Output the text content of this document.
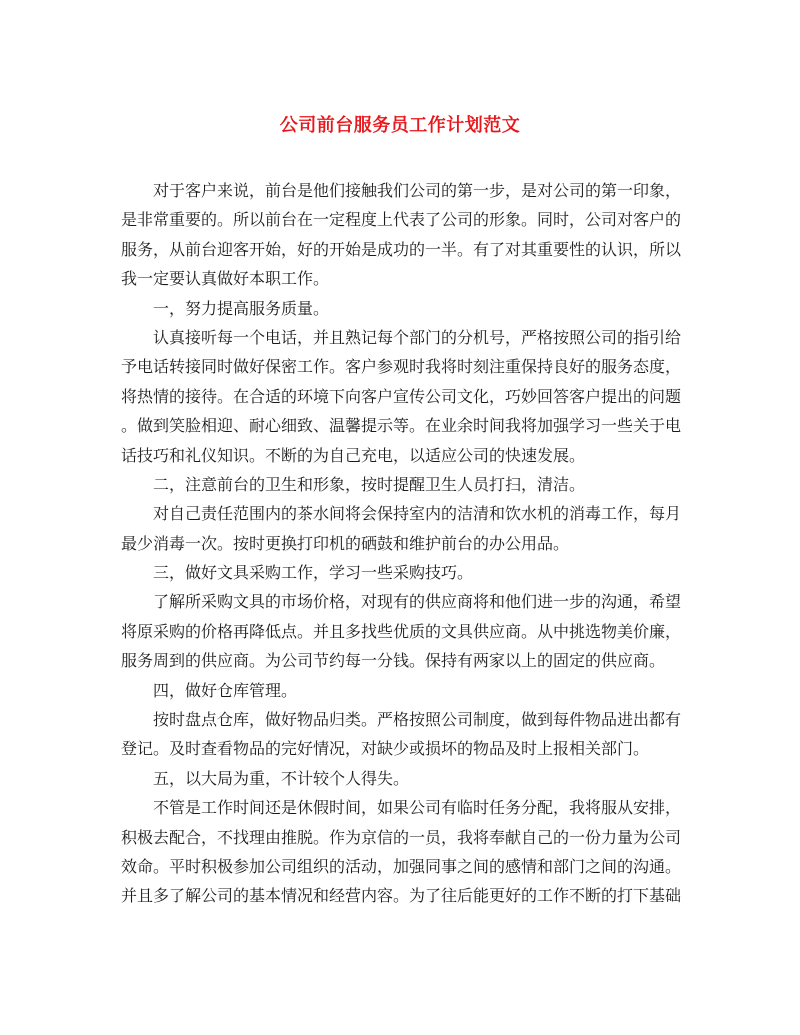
公司前台服务员工作计划范文
对于客户来说，前台是他们接触我们公司的第一步，是对公司的第一印象，
是非常重要的。所以前台在一定程度上代表了公司的形象。同时，公司对客户的
服务，从前台迎客开始，好的开始是成功的一半。有了对其重要性的认识，所以
我一定要认真做好本职工作。
一，努力提高服务质量。
认真接听每一个电话，并且熟记每个部门的分机号，严格按照公司的指引给
予电话转接同时做好保密工作。客户参观时我将时刻注重保持良好的服务态度，
将热情的接待。在合适的环境下向客户宣传公司文化，巧妙回答客户提出的问题
。做到笑脸相迎、耐心细致、温馨提示等。在业余时间我将加强学习一些关于电
话技巧和礼仪知识。不断的为自己充电，以适应公司的快速发展。
二，注意前台的卫生和形象，按时提醒卫生人员打扫，清洁。
对自己责任范围内的茶水间将会保持室内的洁清和饮水机的消毒工作，每月
最少消毒一次。按时更换打印机的硒鼓和维护前台的办公用品。
三，做好文具采购工作，学习一些采购技巧。
了解所采购文具的市场价格，对现有的供应商将和他们进一步的沟通，希望
将原采购的价格再降低点。并且多找些优质的文具供应商。从中挑选物美价廉，
服务周到的供应商。为公司节约每一分钱。保持有两家以上的固定的供应商。
四，做好仓库管理。
按时盘点仓库，做好物品归类。严格按照公司制度，做到每件物品进出都有
登记。及时查看物品的完好情况，对缺少或损坏的物品及时上报相关部门。
五，以大局为重，不计较个人得失。
不管是工作时间还是休假时间，如果公司有临时任务分配，我将服从安排，
积极去配合，不找理由推脱。作为京信的一员，我将奉献自己的一份力量为公司
效命。平时积极参加公司组织的活动，加强同事之间的感情和部门之间的沟通。
并且多了解公司的基本情况和经营内容。为了往后能更好的工作不断的打下基础
